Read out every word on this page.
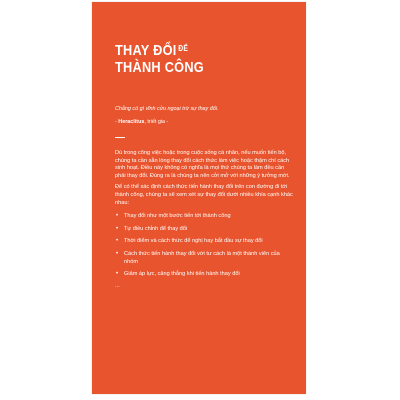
THAY ĐỔI $^{ĐỂ}$
THÀNH CÔNG
Chẳng có gì vĩnh cửu ngoại trừ sự thay đổi.
- Heraclitus, triết gia -

Dù trong công việc hoặc trong cuộc sống cá nhân, nếu muốn tiến bộ, chúng ta cần sẵn lòng thay đổi cách thức làm việc hoặc thậm chí cách sinh hoạt. Điều này không có nghĩa là mọi thứ chúng ta làm đều cần phải thay đổi. Đúng ra là chúng ta nên cởi mở với những ý tưởng mới.

Để có thể xác định cách thức tiến hành thay đổi trên con đường đi tới thành công, chúng ta sẽ xem xét sự thay đổi dưới nhiều khía cạnh khác nhau:

• Thay đổi như một bước tiến tới thành công
• Tự điều chỉnh để thay đổi
• Thời điểm và cách thức để nghị hay bắt đầu sự thay đổi
• Cách thức tiến hành thay đổi với tư cách là một thành viên của nhóm
• Giảm áp lực, căng thẳng khi tiến hành thay đổi
...
